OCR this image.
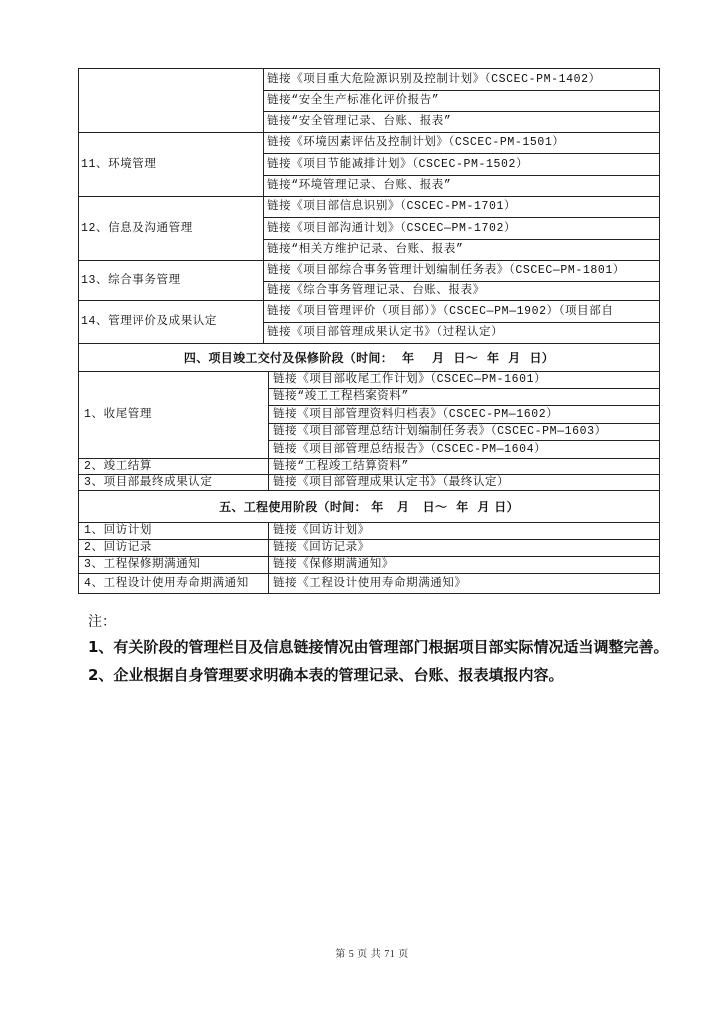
	链接《项目重大危险源识别及控制计划》（CSCEC-PM-1402）
	链接“安全生产标准化评价报告”
	链接“安全管理记录、台账、报表”
11、环境管理	链接《环境因素评估及控制计划》（CSCEC-PM-1501）
	链接《项目节能减排计划》（CSCEC-PM-1502）
	链接“环境管理记录、台账、报表”
12、信息及沟通管理	链接《项目部信息识别》（CSCEC-PM-1701）
	链接《项目部沟通计划》（CSCEC—PM-1702）
	链接“相关方维护记录、台账、报表”
13、综合事务管理	链接《项目部综合事务管理计划编制任务表》（CSCEC—PM-1801）
	链接《综合事务管理记录、台账、报表》
14、管理评价及成果认定	链接《项目管理评价（项目部）》（CSCEC—PM—1902）（项目部自
	链接《项目部管理成果认定书》（过程认定）
四、项目竣工交付及保修阶段（时间：  年    月  日～  年  月  日）	
1、收尾管理	链接《项目部收尾工作计划》（CSCEC—PM-1601）
	链接“竣工工程档案资料”
	链接《项目部管理资料归档表》（CSCEC-PM—1602）
	链接《项目部管理总结计划编制任务表》（CSCEC-PM—1603）
	链接《项目部管理总结报告》（CSCEC-PM—1604）
2、竣工结算	链接“工程竣工结算资料”
3、项目部最终成果认定	链接《项目部管理成果认定书》（最终认定）
五、工程使用阶段（时间： 年   月   日～  年  月 日）	
1、回访计划	链接《回访计划》
2、回访记录	链接《回访记录》
3、工程保修期满通知	链接《保修期满通知》
4、工程设计使用寿命期满通知	链接《工程设计使用寿命期满通知》
注：
1、有关阶段的管理栏目及信息链接情况由管理部门根据项目部实际情况适当调整完善。
2、企业根据自身管理要求明确本表的管理记录、台账、报表填报内容。
第 5 页 共 71 页
